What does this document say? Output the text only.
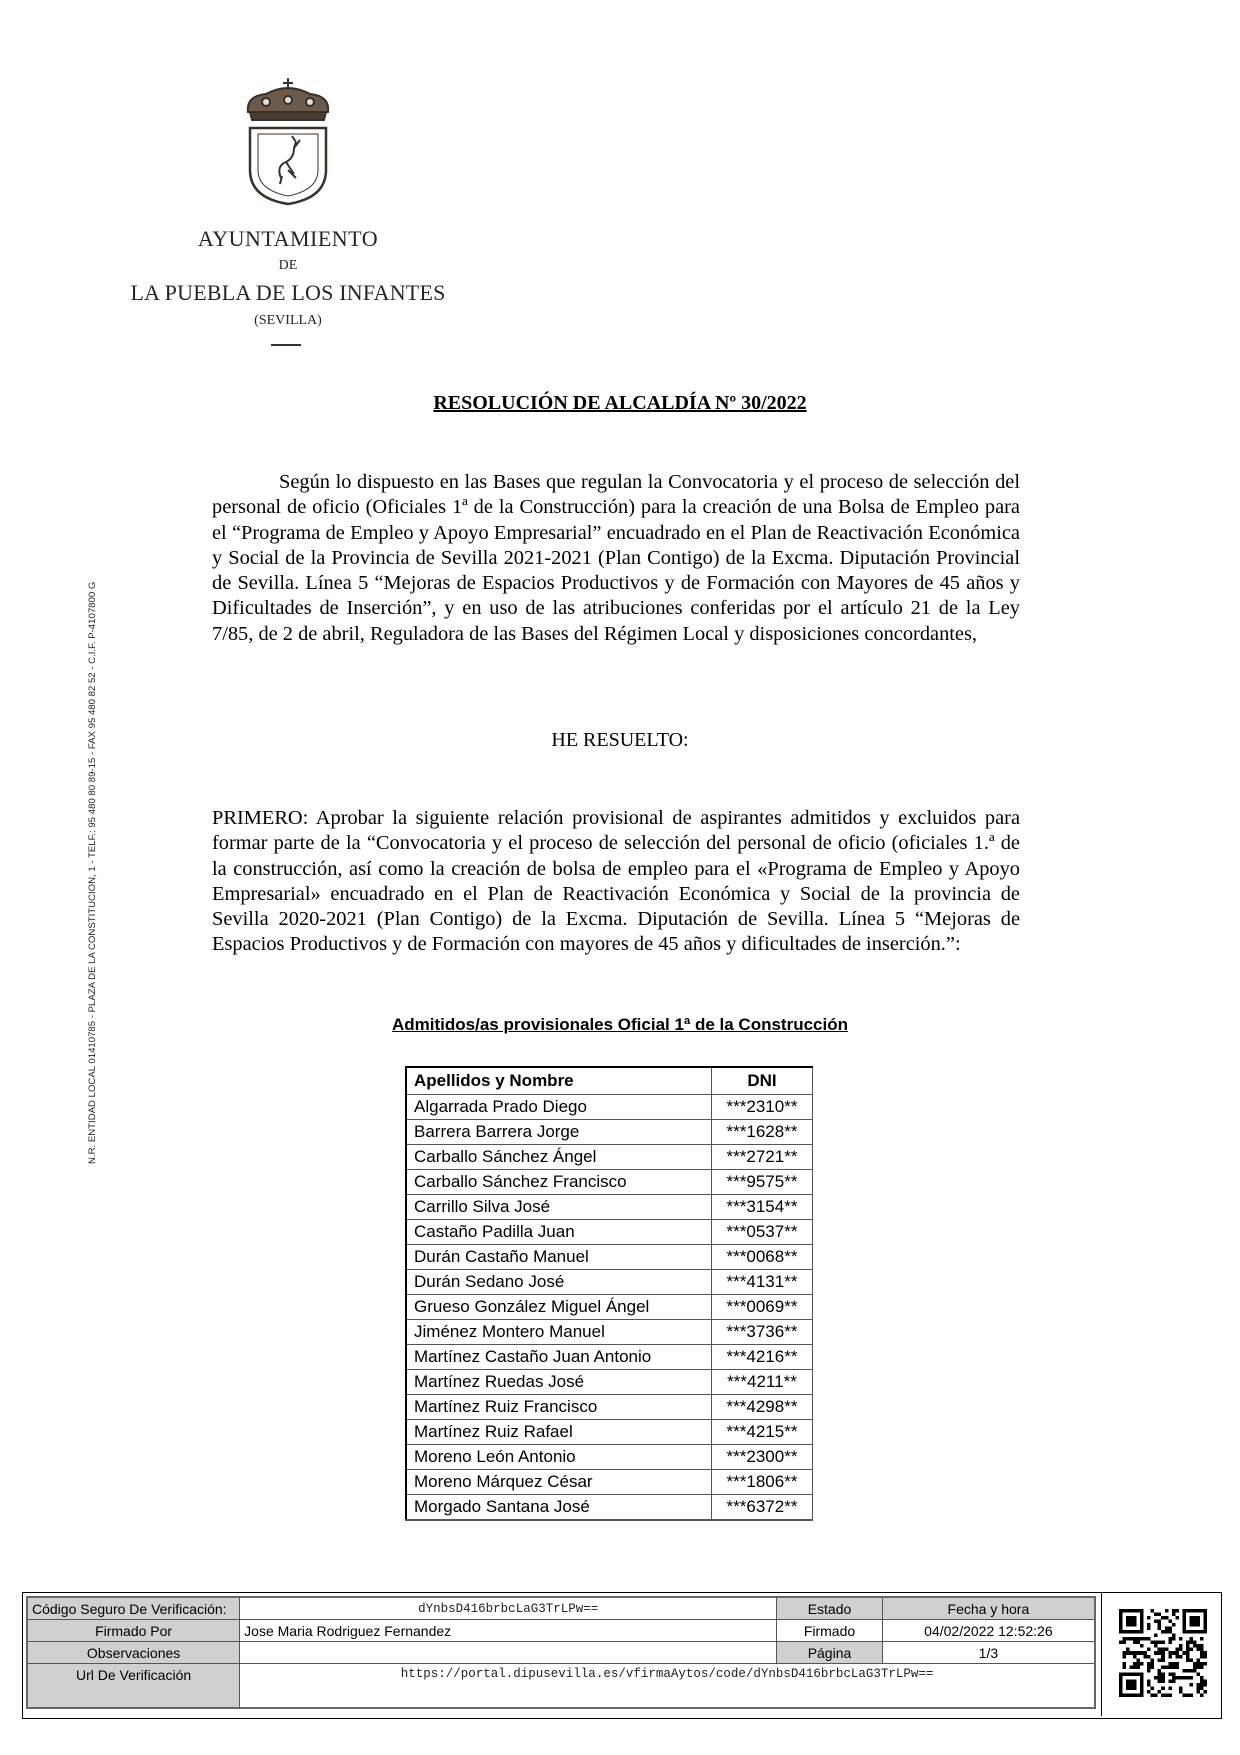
AYUNTAMIENTO
DE
LA PUEBLA DE LOS INFANTES
(SEVILLA)
N.R. ENTIDAD LOCAL 01410785 - PLAZA DE LA CONSTITUCION, 1 - TELF.: 95 480 80 89-15 - FAX 95 480 82 52 - C.I.F. P-4107800 G
RESOLUCIÓN DE ALCALDÍA Nº 30/2022
Según lo dispuesto en las Bases que regulan la Convocatoria y el proceso de selección del personal de oficio (Oficiales 1ª de la Construcción) para la creación de una Bolsa de Empleo para el “Programa de Empleo y Apoyo Empresarial” encuadrado en el Plan de Reactivación Económica y Social de la Provincia de Sevilla 2021-2021 (Plan Contigo) de la Excma. Diputación Provincial de Sevilla. Línea 5 “Mejoras de Espacios Productivos y de Formación con Mayores de 45 años y Dificultades de Inserción”, y en uso de las atribuciones conferidas por el artículo 21 de la Ley 7/85, de 2 de abril, Reguladora de las Bases del Régimen Local y disposiciones concordantes,
HE RESUELTO:
PRIMERO: Aprobar la siguiente relación provisional de aspirantes admitidos y excluidos para formar parte de la “Convocatoria y el proceso de selección del personal de oficio (oficiales 1.ª de la construcción, así como la creación de bolsa de empleo para el «Programa de Empleo y Apoyo Empresarial» encuadrado en el Plan de Reactivación Económica y Social de la provincia de Sevilla 2020-2021 (Plan Contigo) de la Excma. Diputación de Sevilla. Línea 5 “Mejoras de Espacios Productivos y de Formación con mayores de 45 años y dificultades de inserción.”:
Admitidos/as provisionales Oficial 1ª de la Construcción
Apellidos y Nombre	DNI
Algarrada Prado Diego	***2310**
Barrera Barrera Jorge	***1628**
Carballo Sánchez Ángel	***2721**
Carballo Sánchez Francisco	***9575**
Carrillo Silva José	***3154**
Castaño Padilla Juan	***0537**
Durán Castaño Manuel	***0068**
Durán Sedano José	***4131**
Grueso González Miguel Ángel	***0069**
Jiménez Montero Manuel	***3736**
Martínez Castaño Juan Antonio	***4216**
Martínez Ruedas José	***4211**
Martínez Ruiz Francisco	***4298**
Martínez Ruiz Rafael	***4215**
Moreno León Antonio	***2300**
Moreno Márquez César	***1806**
Morgado Santana José	***6372**
Código Seguro De Verificación:	dYnbsD416brbcLaG3TrLPw==	Estado	Fecha y hora
Firmado Por	Jose Maria Rodriguez Fernandez	Firmado	04/02/2022 12:52:26
Observaciones		Página	1/3
Url De Verificación	https://portal.dipusevilla.es/vfirmaAytos/code/dYnbsD416brbcLaG3TrLPw==		
